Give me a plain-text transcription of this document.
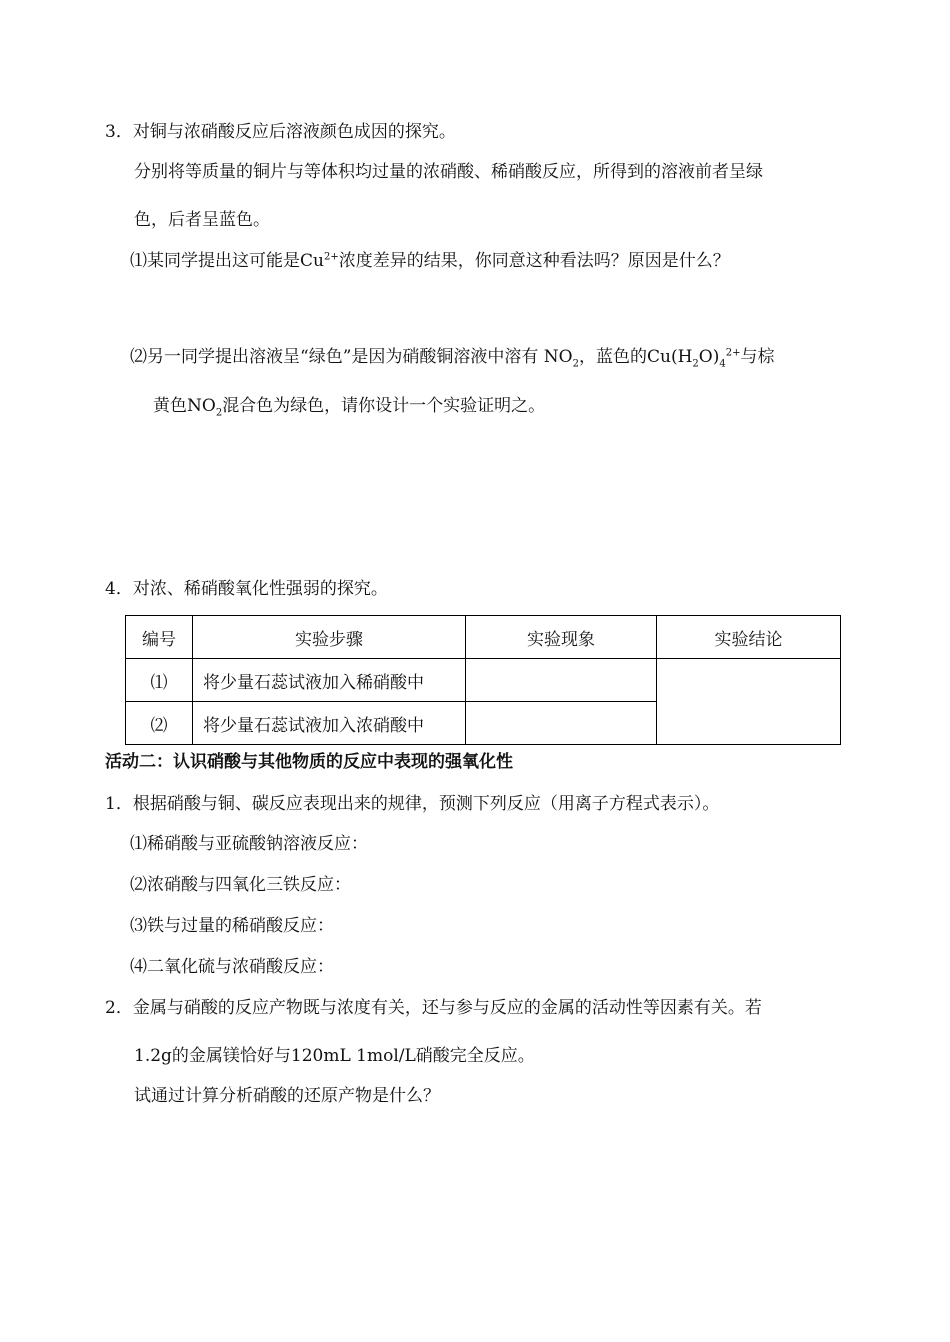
3．对铜与浓硝酸反应后溶液颜色成因的探究。
分别将等质量的铜片与等体积均过量的浓硝酸、稀硝酸反应，所得到的溶液前者呈绿
色，后者呈蓝色。
⑴某同学提出这可能是$Cu^{2+}$浓度差异的结果，你同意这种看法吗？原因是什么？
⑵另一同学提出溶液呈“绿色”是因为硝酸铜溶液中溶有 $NO_2$，蓝色的$Cu(H_2O)_4^{2+}$与棕
黄色$NO_2$混合色为绿色，请你设计一个实验证明之。
4．对浓、稀硝酸氧化性强弱的探究。
编号	实验步骤	实验现象	实验结论
⑴	将少量石蕊试液加入稀硝酸中		
⑵	将少量石蕊试液加入浓硝酸中		
活动二：认识硝酸与其他物质的反应中表现的强氧化性
1．根据硝酸与铜、碳反应表现出来的规律，预测下列反应（用离子方程式表示）。
⑴稀硝酸与亚硫酸钠溶液反应：
⑵浓硝酸与四氧化三铁反应：
⑶铁与过量的稀硝酸反应：
⑷二氧化硫与浓硝酸反应：
2．金属与硝酸的反应产物既与浓度有关，还与参与反应的金属的活动性等因素有关。若
1.2g的金属镁恰好与120mL 1mol/L硝酸完全反应。
试通过计算分析硝酸的还原产物是什么？
